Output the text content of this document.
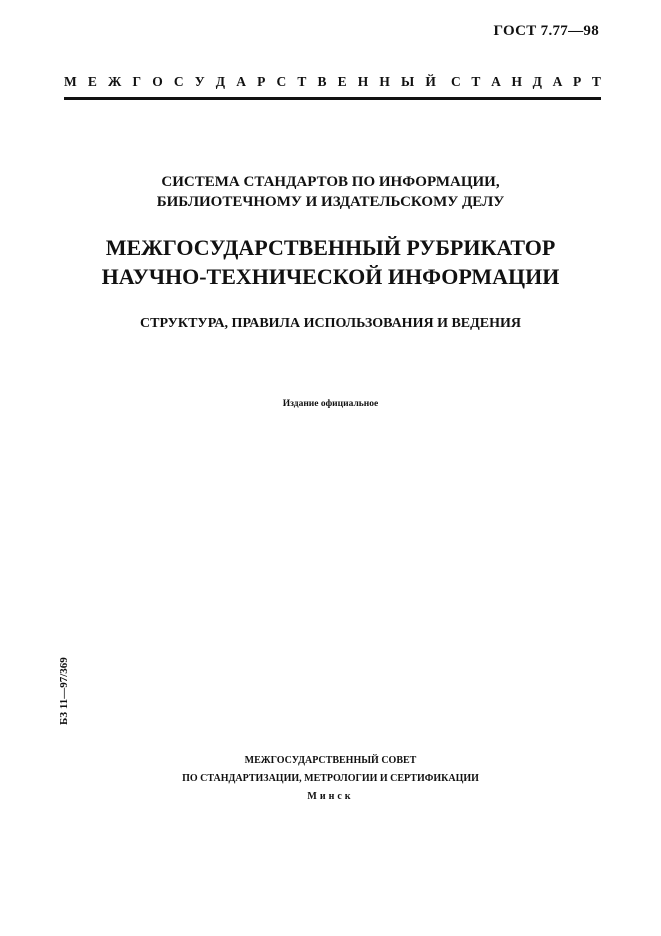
ГОСТ 7.77—98
М Е Ж Г О С У Д А Р С Т В Е Н Н Ы Й С Т А Н Д А Р Т
СИСТЕМА СТАНДАРТОВ ПО ИНФОРМАЦИИ,
БИБЛИОТЕЧНОМУ И ИЗДАТЕЛЬСКОМУ ДЕЛУ
МЕЖГОСУДАРСТВЕННЫЙ РУБРИКАТОР
НАУЧНО-ТЕХНИЧЕСКОЙ ИНФОРМАЦИИ
СТРУКТУРА, ПРАВИЛА ИСПОЛЬЗОВАНИЯ И ВЕДЕНИЯ
Издание официальное
БЗ 11—97/369
МЕЖГОСУДАРСТВЕННЫЙ СОВЕТ
ПО СТАНДАРТИЗАЦИИ, МЕТРОЛОГИИ И СЕРТИФИКАЦИИ
Минск
